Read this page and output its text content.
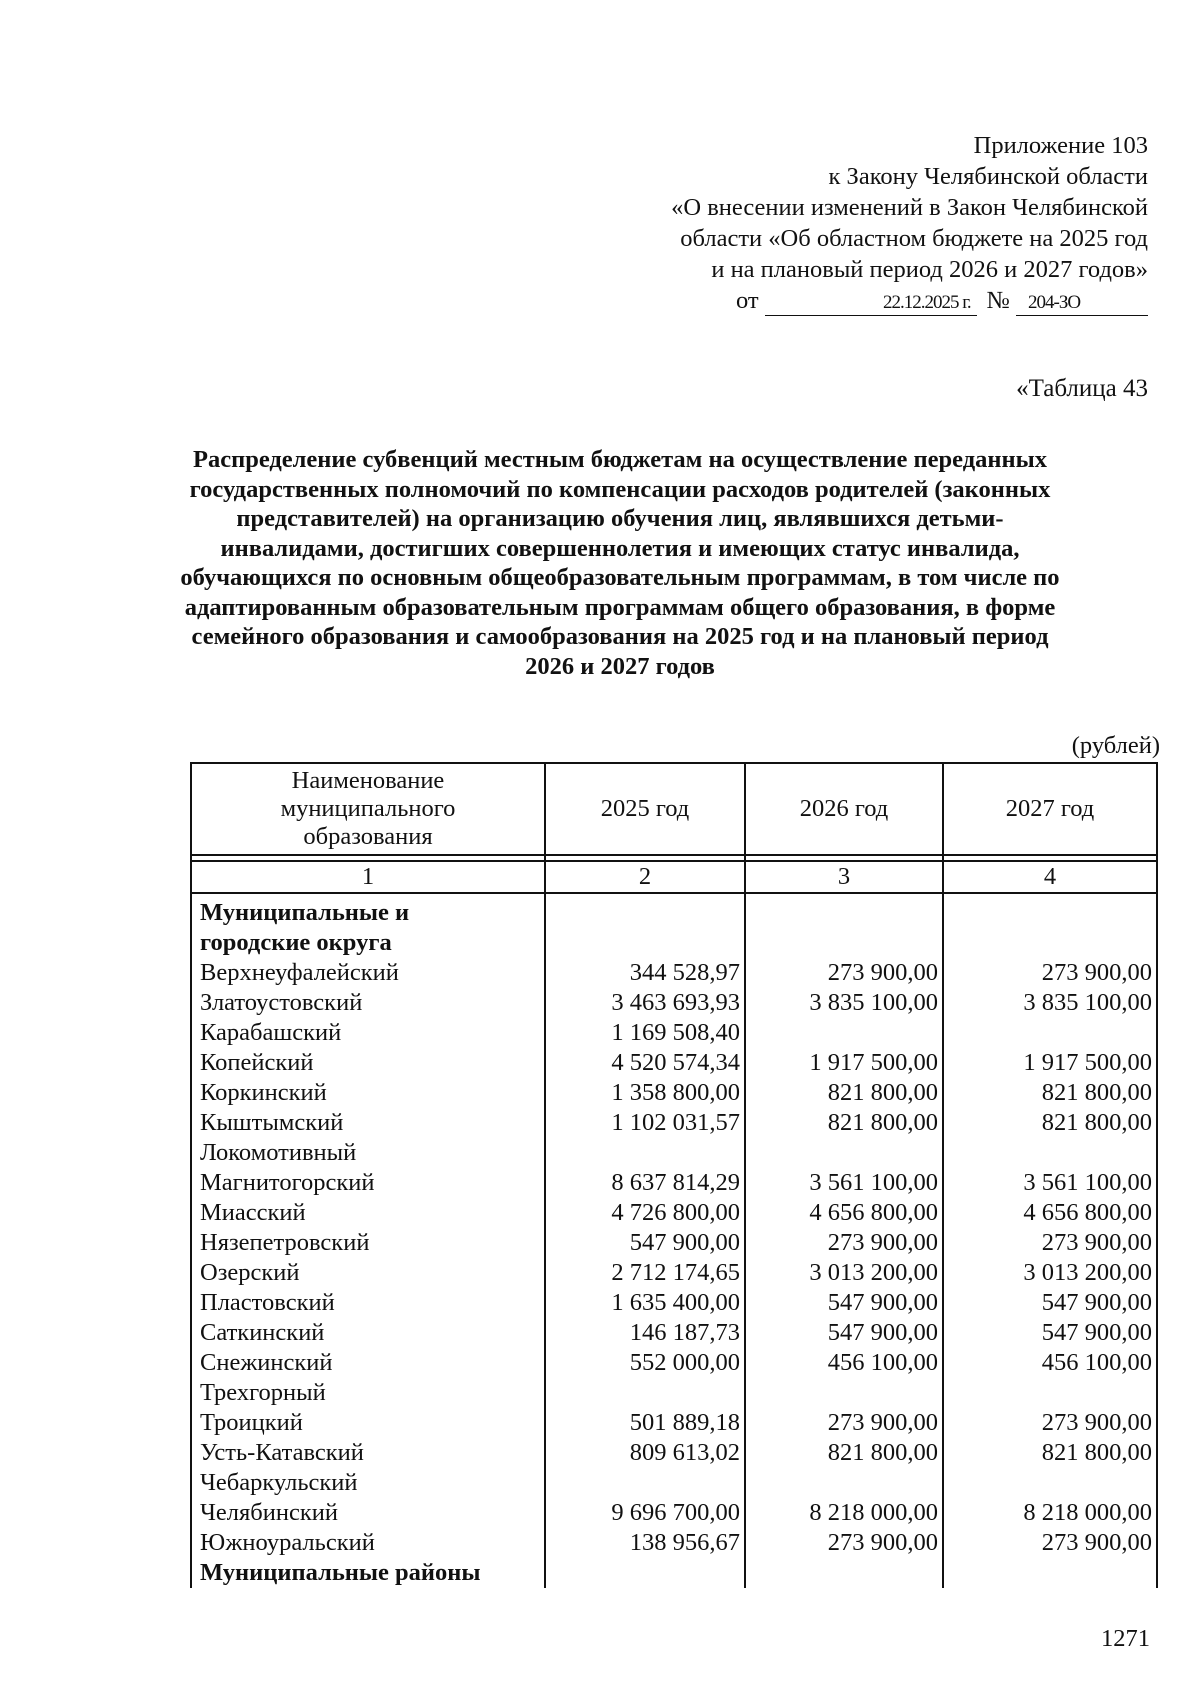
Приложение 103
к Закону Челябинской области
«О внесении изменений в Закон Челябинской
области «Об областном бюджете на 2025 год
и на плановый период 2026 и 2027 годов»
от	22.12.2025 г. № 204-ЗО
«Таблица 43
Распределение субвенций местным бюджетам на осуществление переданных
государственных полномочий по компенсации расходов родителей (законных
представителей) на организацию обучения лиц, являвшихся детьми-
инвалидами, достигших совершеннолетия и имеющих статус инвалида,
обучающихся по основным общеобразовательным программам, в том числе по
адаптированным образовательным программам общего образования, в форме
семейного образования и самообразования на 2025 год и на плановый период
2026 и 2027 годов
(рублей)
Наименование
муниципального
образования	2025 год	2026 год	2027 год

1	2	3	4

Муниципальные и			
городские округа			
Верхнеуфалейский	344 528,97	273 900,00	273 900,00
Златоустовский	3 463 693,93	3 835 100,00	3 835 100,00
Карабашский	1 169 508,40		
Копейский	4 520 574,34	1 917 500,00	1 917 500,00
Коркинский	1 358 800,00	821 800,00	821 800,00
Кыштымский	1 102 031,57	821 800,00	821 800,00
Локомотивный			
Магнитогорский	8 637 814,29	3 561 100,00	3 561 100,00
Миасский	4 726 800,00	4 656 800,00	4 656 800,00
Нязепетровский	547 900,00	273 900,00	273 900,00
Озерский	2 712 174,65	3 013 200,00	3 013 200,00
Пластовский	1 635 400,00	547 900,00	547 900,00
Саткинский	146 187,73	547 900,00	547 900,00
Снежинский	552 000,00	456 100,00	456 100,00
Трехгорный			
Троицкий	501 889,18	273 900,00	273 900,00
Усть-Катавский	809 613,02	821 800,00	821 800,00
Чебаркульский			
Челябинский	9 696 700,00	8 218 000,00	8 218 000,00
Южноуральский	138 956,67	273 900,00	273 900,00
Муниципальные районы			
1271
